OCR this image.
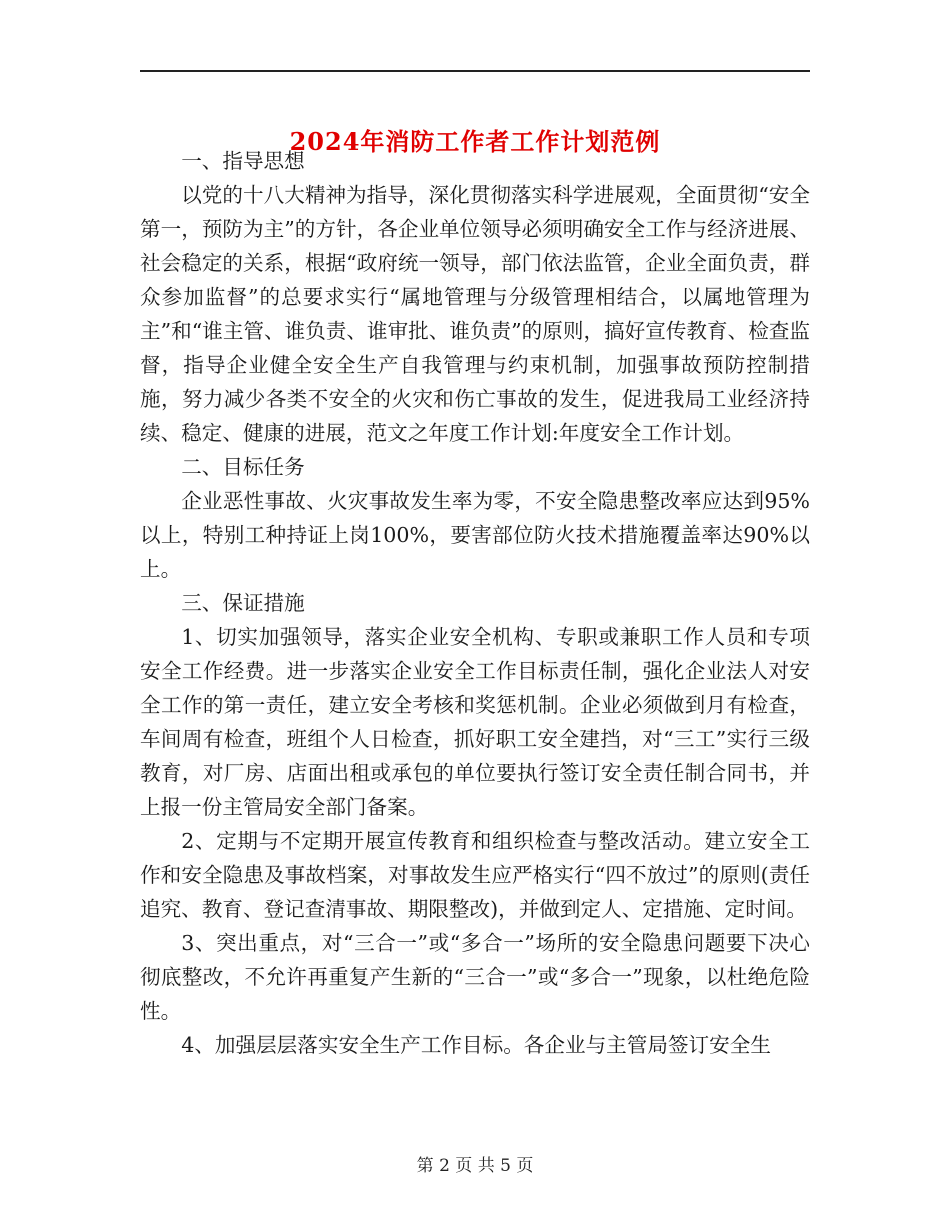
2024年消防工作者工作计划范例

一、指导思想

以党的十八大精神为指导，深化贯彻落实科学进展观，全面贯彻“安全第一，预防为主”的方针，各企业单位领导必须明确安全工作与经济进展、社会稳定的关系，根据“政府统一领导，部门依法监管，企业全面负责，群众参加监督”的总要求实行“属地管理与分级管理相结合，以属地管理为主”和“谁主管、谁负责、谁审批、谁负责”的原则，搞好宣传教育、检查监督，指导企业健全安全生产自我管理与约束机制，加强事故预防控制措施，努力减少各类不安全的火灾和伤亡事故的发生，促进我局工业经济持续、稳定、健康的进展，范文之年度工作计划:年度安全工作计划。

二、目标任务

企业恶性事故、火灾事故发生率为零，不安全隐患整改率应达到95%以上，特别工种持证上岗100%，要害部位防火技术措施覆盖率达90%以上。

三、保证措施

1、切实加强领导，落实企业安全机构、专职或兼职工作人员和专项安全工作经费。进一步落实企业安全工作目标责任制，强化企业法人对安全工作的第一责任，建立安全考核和奖惩机制。企业必须做到月有检查，车间周有检查，班组个人日检查，抓好职工安全建挡，对“三工”实行三级教育，对厂房、店面出租或承包的单位要执行签订安全责任制合同书，并上报一份主管局安全部门备案。

2、定期与不定期开展宣传教育和组织检查与整改活动。建立安全工作和安全隐患及事故档案，对事故发生应严格实行“四不放过”的原则(责任追究、教育、登记查清事故、期限整改)，并做到定人、定措施、定时间。

3、突出重点，对“三合一”或“多合一”场所的安全隐患问题要下决心彻底整改，不允许再重复产生新的“三合一”或“多合一”现象，以杜绝危险性。

4、加强层层落实安全生产工作目标。各企业与主管局签订安全生

第 2 页 共 5 页
